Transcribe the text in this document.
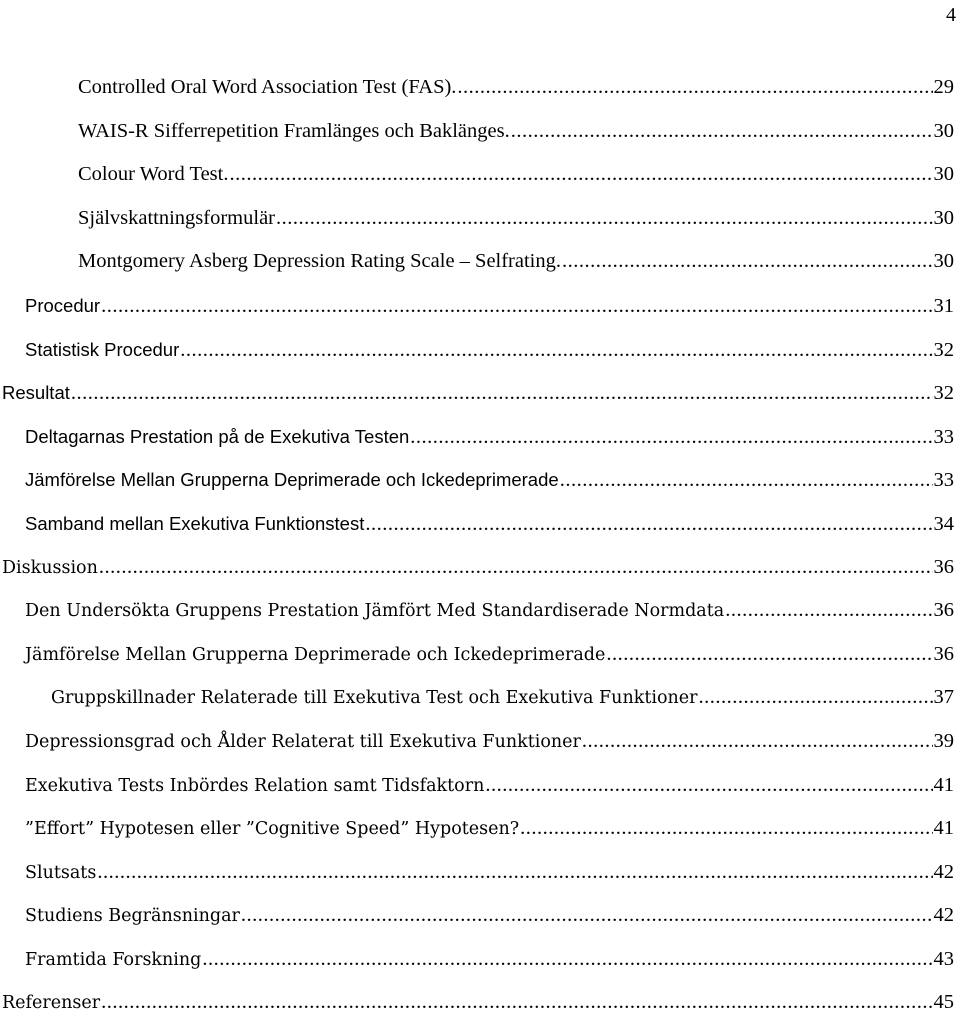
4
Controlled Oral Word Association Test (FAS). .....	29
WAIS-R Sifferrepetition Framlänges och Baklänges. .....	30
Colour Word Test. .....	30
Självskattningsformulär .....	30
Montgomery Asberg Depression Rating Scale – Selfrating. .....	30
Procedur .....	31
Statistisk Procedur .....	32
Resultat .....	32
Deltagarnas Prestation på de Exekutiva Testen .....	33
Jämförelse Mellan Grupperna Deprimerade och Ickedeprimerade .....	33
Samband mellan Exekutiva Funktionstest .....	34
Diskussion .....	36
Den Undersökta Gruppens Prestation Jämfört Med Standardiserade Normdata .....	36
Jämförelse Mellan Grupperna Deprimerade och Ickedeprimerade .....	36
Gruppskillnader Relaterade till Exekutiva Test och Exekutiva Funktioner .....	37
Depressionsgrad och Ålder Relaterat till Exekutiva Funktioner .....	39
Exekutiva Tests Inbördes Relation samt Tidsfaktorn .....	41
”Effort” Hypotesen eller ”Cognitive Speed” Hypotesen? .....	41
Slutsats .....	42
Studiens Begränsningar .....	42
Framtida Forskning .....	43
Referenser .....	45
